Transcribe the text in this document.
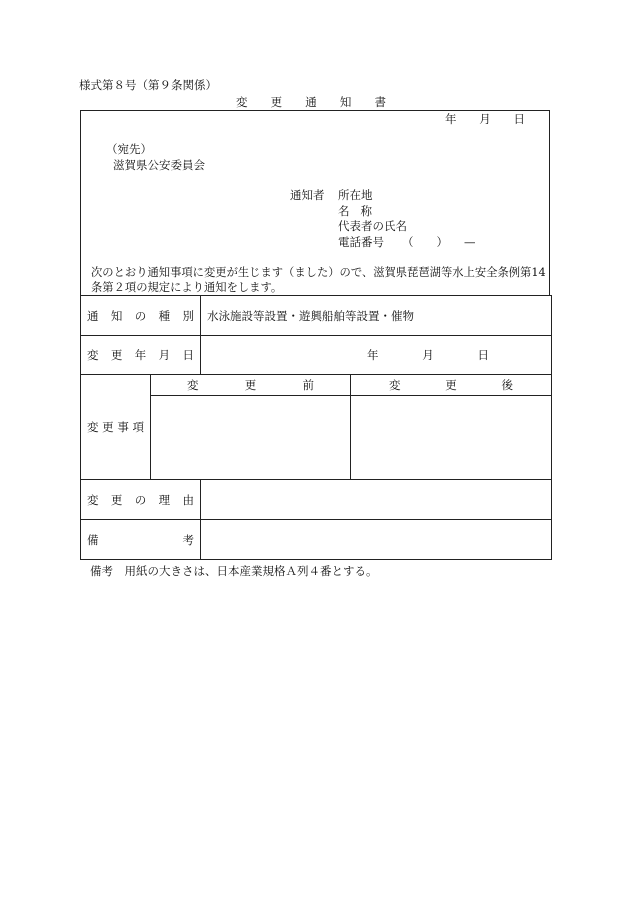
様式第８号（第９条関係）
変 更 通 知 書
年 月 日
（宛先）
滋賀県公安委員会
通知者 所在地
名 称
代表者の氏名
電話番号 （　　） —
次のとおり通知事項に変更が生じます（ました）ので、滋賀県琵琶湖等水上安全条例第14条第２項の規定により通知をします。
通 知 の 種 別		水泳施設等設置・遊興船舶等設置・催物	

変 更 年 月 日		年 月 日	

変 更 事 項	変 更 前		変 更 後

変 更 の 理 由			

備 考			

備考　用紙の大きさは、日本産業規格Ａ列４番とする。
